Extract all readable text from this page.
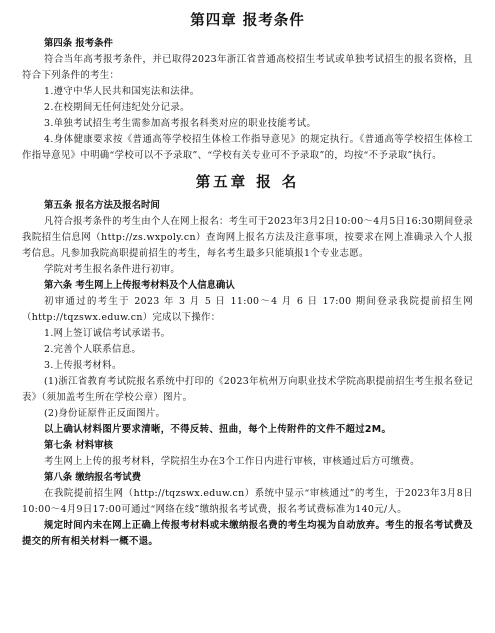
第四章 报考条件
第四条 报考条件

符合当年高考报考条件，并已取得2023年浙江省普通高校招生考试或单独考试招生的报名资格，且符合下列条件的考生：

1.遵守中华人民共和国宪法和法律。

2.在校期间无任何违纪处分记录。

3.单独考试招生考生需参加高考报名科类对应的职业技能考试。

4.身体健康要求按《普通高等学校招生体检工作指导意见》的规定执行。《普通高等学校招生体检工作指导意见》中明确“学校可以不予录取”、“学校有关专业可不予录取”的，均按“不予录取”执行。

第五章 报 名
第五条 报名方法及报名时间

凡符合报考条件的考生由个人在网上报名：考生可于2023年3月2日10:00～4月5日16:30期间登录我院招生信息网（http://zs.wxpoly.cn）查询网上报名方法及注意事项，按要求在网上准确录入个人报考信息。凡参加我院高职提前招生的考生，每名考生最多只能填报1个专业志愿。

学院对考生报名条件进行初审。

第六条 考生网上上传报考材料及个人信息确认

初审通过的考生于 2023 年 3 月 5 日 11:00～4 月 6 日 17:00 期间登录我院提前招生网（http://tqzswx.eduw.cn）完成以下操作：

1.网上签订诚信考试承诺书。

2.完善个人联系信息。

3.上传报考材料。

(1)浙江省教育考试院报名系统中打印的《2023年杭州万向职业技术学院高职提前招生考生报名登记表》（须加盖考生所在学校公章）图片。

(2)身份证原件正反面图片。

以上确认材料图片要求清晰，不得反转、扭曲，每个上传附件的文件不超过2M。

第七条 材料审核

考生网上上传的报考材料，学院招生办在3个工作日内进行审核，审核通过后方可缴费。

第八条 缴纳报名考试费

在我院提前招生网（http://tqzswx.eduw.cn）系统中显示“审核通过”的考生，于2023年3月8日10:00～4月9日17:00可通过“网络在线”缴纳报名考试费，报名考试费标准为140元/人。

规定时间内未在网上正确上传报考材料或未缴纳报名费的考生均视为自动放弃。考生的报名考试费及提交的所有相关材料一概不退。
